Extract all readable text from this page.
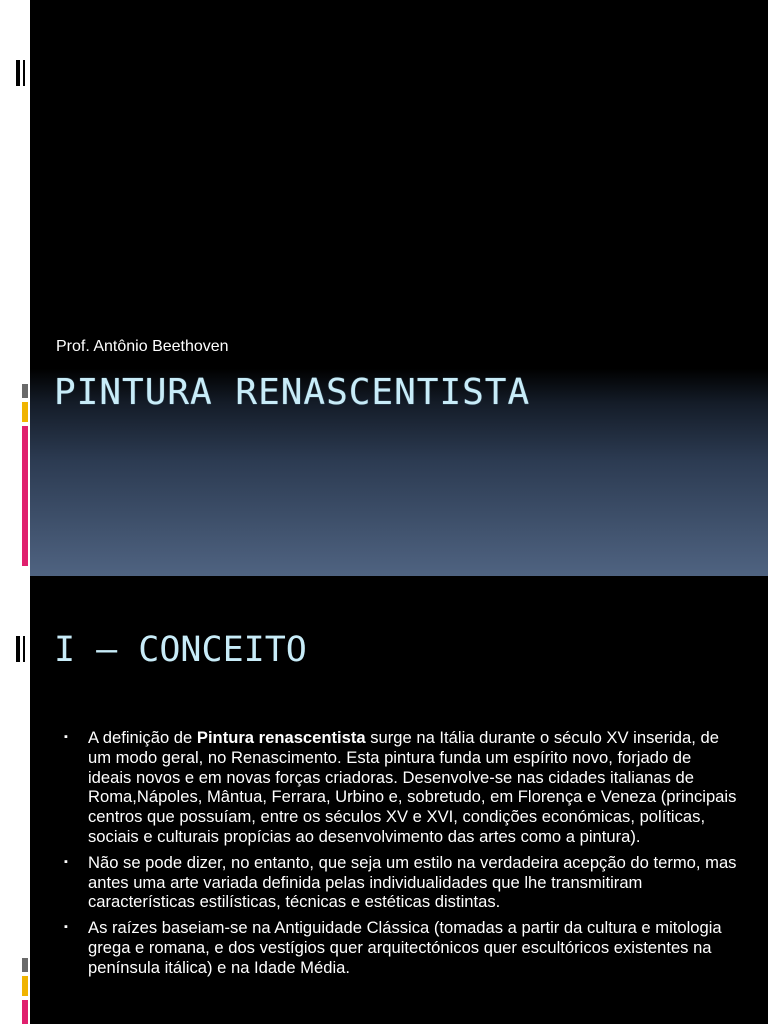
Prof. Antônio Beethoven
PINTURA RENASCENTISTA
I – CONCEITO
▪ A definição de Pintura renascentista surge na Itália durante o século XV inserida, de um modo geral, no Renascimento. Esta pintura funda um espírito novo, forjado de ideais novos e em novas forças criadoras. Desenvolve-se nas cidades italianas de Roma,Nápoles, Mântua, Ferrara, Urbino e, sobretudo, em Florença e Veneza (principais centros que possuíam, entre os séculos XV e XVI, condições económicas, políticas, sociais e culturais propícias ao desenvolvimento das artes como a pintura).
▪ Não se pode dizer, no entanto, que seja um estilo na verdadeira acepção do termo, mas antes uma arte variada definida pelas individualidades que lhe transmitiram características estilísticas, técnicas e estéticas distintas.
▪ As raízes baseiam-se na Antiguidade Clássica (tomadas a partir da cultura e mitologia grega e romana, e dos vestígios quer arquitectónicos quer escultóricos existentes na península itálica) e na Idade Média.
